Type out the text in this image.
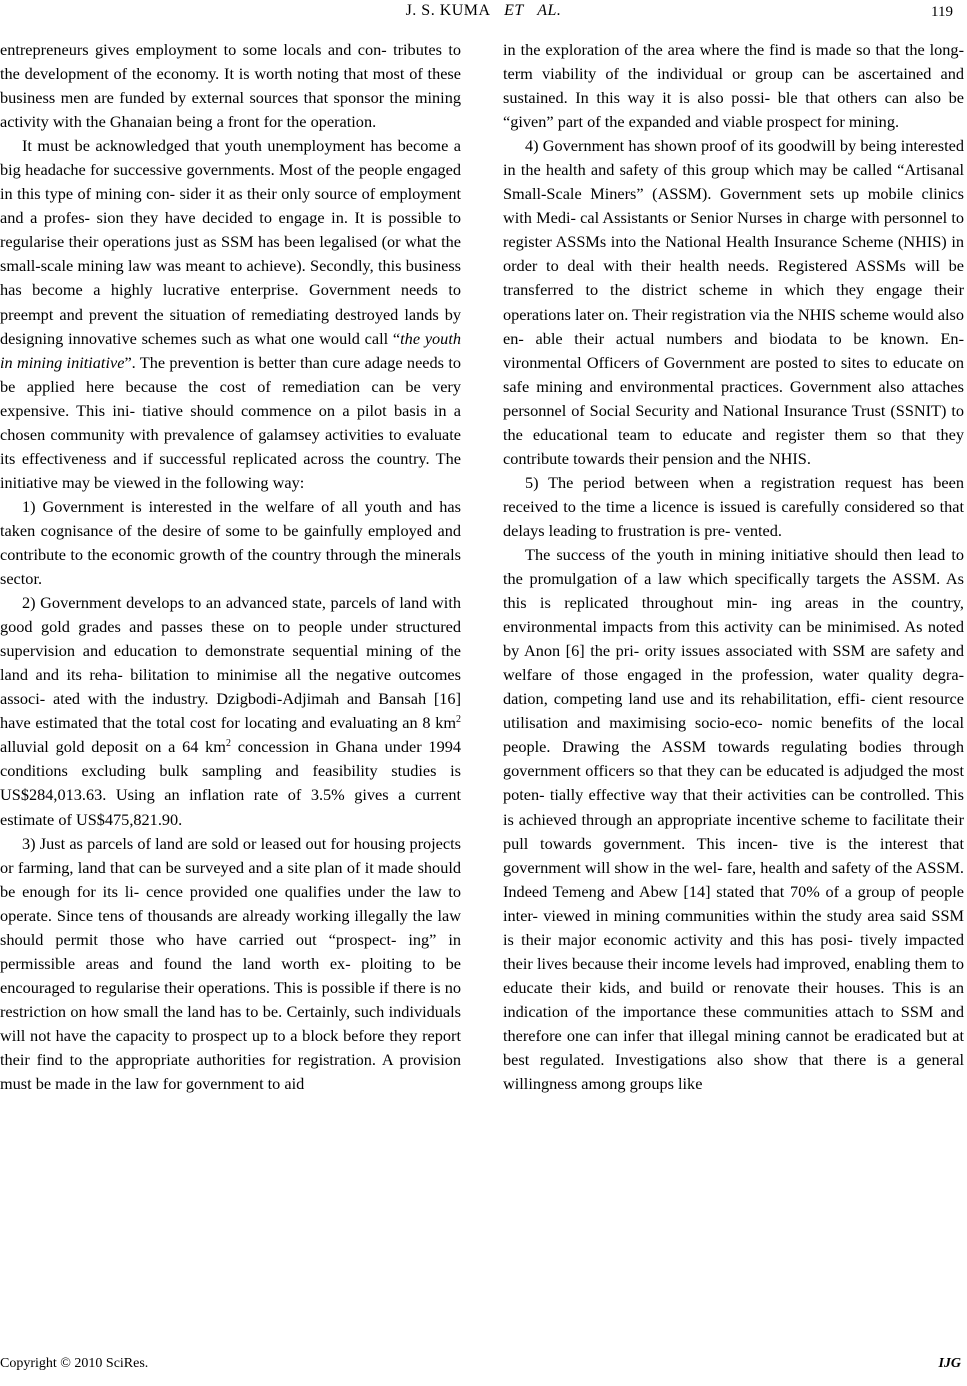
J. S. KUMA ET AL.	119

entrepreneurs gives employment to some locals and con- tributes to the development of the economy. It is worth noting that most of these business men are funded by external sources that sponsor the mining activity with the Ghanaian being a front for the operation.

It must be acknowledged that youth unemployment has become a big headache for successive governments. Most of the people engaged in this type of mining con- sider it as their only source of employment and a profes- sion they have decided to engage in. It is possible to regularise their operations just as SSM has been legalised (or what the small-scale mining law was meant to achieve). Secondly, this business has become a highly lucrative enterprise. Government needs to preempt and prevent the situation of remediating destroyed lands by designing innovative schemes such as what one would call “the youth in mining initiative”. The prevention is better than cure adage needs to be applied here because the cost of remediation can be very expensive. This ini- tiative should commence on a pilot basis in a chosen community with prevalence of galamsey activities to evaluate its effectiveness and if successful replicated across the country. The initiative may be viewed in the following way:

1) Government is interested in the welfare of all youth and has taken cognisance of the desire of some to be gainfully employed and contribute to the economic growth of the country through the minerals sector.

2) Government develops to an advanced state, parcels of land with good gold grades and passes these on to people under structured supervision and education to demonstrate sequential mining of the land and its reha- bilitation to minimise all the negative outcomes associ- ated with the industry. Dzigbodi-Adjimah and Bansah [16] have estimated that the total cost for locating and evaluating an 8 $km^2$ alluvial gold deposit on a 64 $km^2$ concession in Ghana under 1994 conditions excluding bulk sampling and feasibility studies is US$284,013.63. Using an inflation rate of 3.5% gives a current estimate of US$475,821.90.

3) Just as parcels of land are sold or leased out for housing projects or farming, land that can be surveyed and a site plan of it made should be enough for its li- cence provided one qualifies under the law to operate. Since tens of thousands are already working illegally the law should permit those who have carried out “prospect- ing” in permissible areas and found the land worth ex- ploiting to be encouraged to regularise their operations. This is possible if there is no restriction on how small the land has to be. Certainly, such individuals will not have the capacity to prospect up to a block before they report their find to the appropriate authorities for registration. A provision must be made in the law for government to aid

in the exploration of the area where the find is made so that the long-term viability of the individual or group can be ascertained and sustained. In this way it is also possi- ble that others can also be “given” part of the expanded and viable prospect for mining.

4) Government has shown proof of its goodwill by being interested in the health and safety of this group which may be called “Artisanal Small-Scale Miners” (ASSM). Government sets up mobile clinics with Medi- cal Assistants or Senior Nurses in charge with personnel to register ASSMs into the National Health Insurance Scheme (NHIS) in order to deal with their health needs. Registered ASSMs will be transferred to the district scheme in which they engage their operations later on. Their registration via the NHIS scheme would also en- able their actual numbers and biodata to be known. En- vironmental Officers of Government are posted to sites to educate on safe mining and environmental practices. Government also attaches personnel of Social Security and National Insurance Trust (SSNIT) to the educational team to educate and register them so that they contribute towards their pension and the NHIS.

5) The period between when a registration request has been received to the time a licence is issued is carefully considered so that delays leading to frustration is pre- vented.

The success of the youth in mining initiative should then lead to the promulgation of a law which specifically targets the ASSM. As this is replicated throughout min- ing areas in the country, environmental impacts from this activity can be minimised. As noted by Anon [6] the pri- ority issues associated with SSM are safety and welfare of those engaged in the profession, water quality degra- dation, competing land use and its rehabilitation, effi- cient resource utilisation and maximising socio-eco- nomic benefits of the local people. Drawing the ASSM towards regulating bodies through government officers so that they can be educated is adjudged the most poten- tially effective way that their activities can be controlled. This is achieved through an appropriate incentive scheme to facilitate their pull towards government. This incen- tive is the interest that government will show in the wel- fare, health and safety of the ASSM. Indeed Temeng and Abew [14] stated that 70% of a group of people inter- viewed in mining communities within the study area said SSM is their major economic activity and this has posi- tively impacted their lives because their income levels had improved, enabling them to educate their kids, and build or renovate their houses. This is an indication of the importance these communities attach to SSM and therefore one can infer that illegal mining cannot be eradicated but at best regulated. Investigations also show that there is a general willingness among groups like

Copyright © 2010 SciRes.	IJG
